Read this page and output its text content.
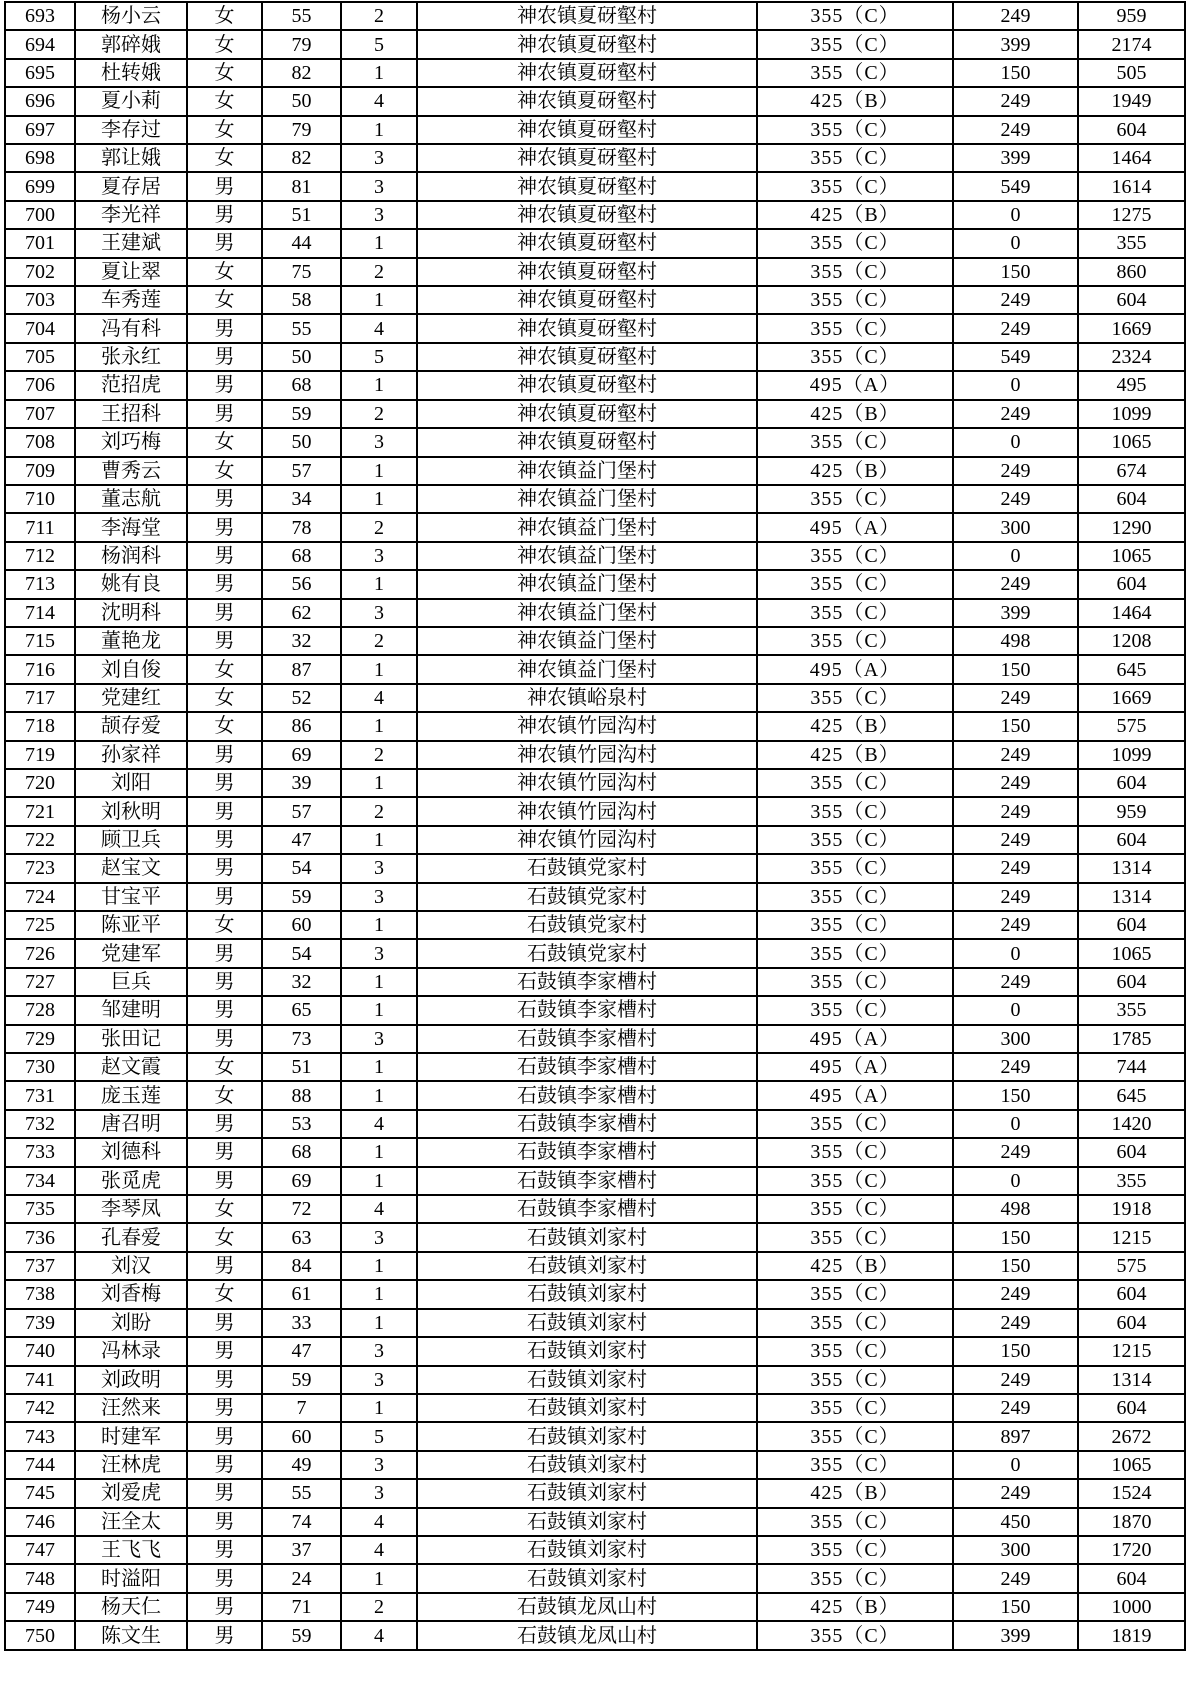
693	杨小云	女	55	2	神农镇夏砑壑村	355（C）	249	959
694	郭碎娥	女	79	5	神农镇夏砑壑村	355（C）	399	2174
695	杜转娥	女	82	1	神农镇夏砑壑村	355（C）	150	505
696	夏小莉	女	50	4	神农镇夏砑壑村	425（B）	249	1949
697	李存过	女	79	1	神农镇夏砑壑村	355（C）	249	604
698	郭让娥	女	82	3	神农镇夏砑壑村	355（C）	399	1464
699	夏存居	男	81	3	神农镇夏砑壑村	355（C）	549	1614
700	李光祥	男	51	3	神农镇夏砑壑村	425（B）	0	1275
701	王建斌	男	44	1	神农镇夏砑壑村	355（C）	0	355
702	夏让翠	女	75	2	神农镇夏砑壑村	355（C）	150	860
703	车秀莲	女	58	1	神农镇夏砑壑村	355（C）	249	604
704	冯有科	男	55	4	神农镇夏砑壑村	355（C）	249	1669
705	张永红	男	50	5	神农镇夏砑壑村	355（C）	549	2324
706	范招虎	男	68	1	神农镇夏砑壑村	495（A）	0	495
707	王招科	男	59	2	神农镇夏砑壑村	425（B）	249	1099
708	刘巧梅	女	50	3	神农镇夏砑壑村	355（C）	0	1065
709	曹秀云	女	57	1	神农镇益门堡村	425（B）	249	674
710	董志航	男	34	1	神农镇益门堡村	355（C）	249	604
711	李海堂	男	78	2	神农镇益门堡村	495（A）	300	1290
712	杨润科	男	68	3	神农镇益门堡村	355（C）	0	1065
713	姚有良	男	56	1	神农镇益门堡村	355（C）	249	604
714	沈明科	男	62	3	神农镇益门堡村	355（C）	399	1464
715	董艳龙	男	32	2	神农镇益门堡村	355（C）	498	1208
716	刘自俊	女	87	1	神农镇益门堡村	495（A）	150	645
717	党建红	女	52	4	神农镇峪泉村	355（C）	249	1669
718	颉存爱	女	86	1	神农镇竹园沟村	425（B）	150	575
719	孙家祥	男	69	2	神农镇竹园沟村	425（B）	249	1099
720	刘阳	男	39	1	神农镇竹园沟村	355（C）	249	604
721	刘秋明	男	57	2	神农镇竹园沟村	355（C）	249	959
722	顾卫兵	男	47	1	神农镇竹园沟村	355（C）	249	604
723	赵宝文	男	54	3	石鼓镇党家村	355（C）	249	1314
724	甘宝平	男	59	3	石鼓镇党家村	355（C）	249	1314
725	陈亚平	女	60	1	石鼓镇党家村	355（C）	249	604
726	党建军	男	54	3	石鼓镇党家村	355（C）	0	1065
727	巨兵	男	32	1	石鼓镇李家槽村	355（C）	249	604
728	邹建明	男	65	1	石鼓镇李家槽村	355（C）	0	355
729	张田记	男	73	3	石鼓镇李家槽村	495（A）	300	1785
730	赵文霞	女	51	1	石鼓镇李家槽村	495（A）	249	744
731	庞玉莲	女	88	1	石鼓镇李家槽村	495（A）	150	645
732	唐召明	男	53	4	石鼓镇李家槽村	355（C）	0	1420
733	刘德科	男	68	1	石鼓镇李家槽村	355（C）	249	604
734	张觅虎	男	69	1	石鼓镇李家槽村	355（C）	0	355
735	李琴凤	女	72	4	石鼓镇李家槽村	355（C）	498	1918
736	孔春爱	女	63	3	石鼓镇刘家村	355（C）	150	1215
737	刘汉	男	84	1	石鼓镇刘家村	425（B）	150	575
738	刘香梅	女	61	1	石鼓镇刘家村	355（C）	249	604
739	刘盼	男	33	1	石鼓镇刘家村	355（C）	249	604
740	冯林录	男	47	3	石鼓镇刘家村	355（C）	150	1215
741	刘政明	男	59	3	石鼓镇刘家村	355（C）	249	1314
742	汪然来	男	7	1	石鼓镇刘家村	355（C）	249	604
743	时建军	男	60	5	石鼓镇刘家村	355（C）	897	2672
744	汪林虎	男	49	3	石鼓镇刘家村	355（C）	0	1065
745	刘爱虎	男	55	3	石鼓镇刘家村	425（B）	249	1524
746	汪全太	男	74	4	石鼓镇刘家村	355（C）	450	1870
747	王飞飞	男	37	4	石鼓镇刘家村	355（C）	300	1720
748	时溢阳	男	24	1	石鼓镇刘家村	355（C）	249	604
749	杨天仁	男	71	2	石鼓镇龙凤山村	425（B）	150	1000
750	陈文生	男	59	4	石鼓镇龙凤山村	355（C）	399	1819
